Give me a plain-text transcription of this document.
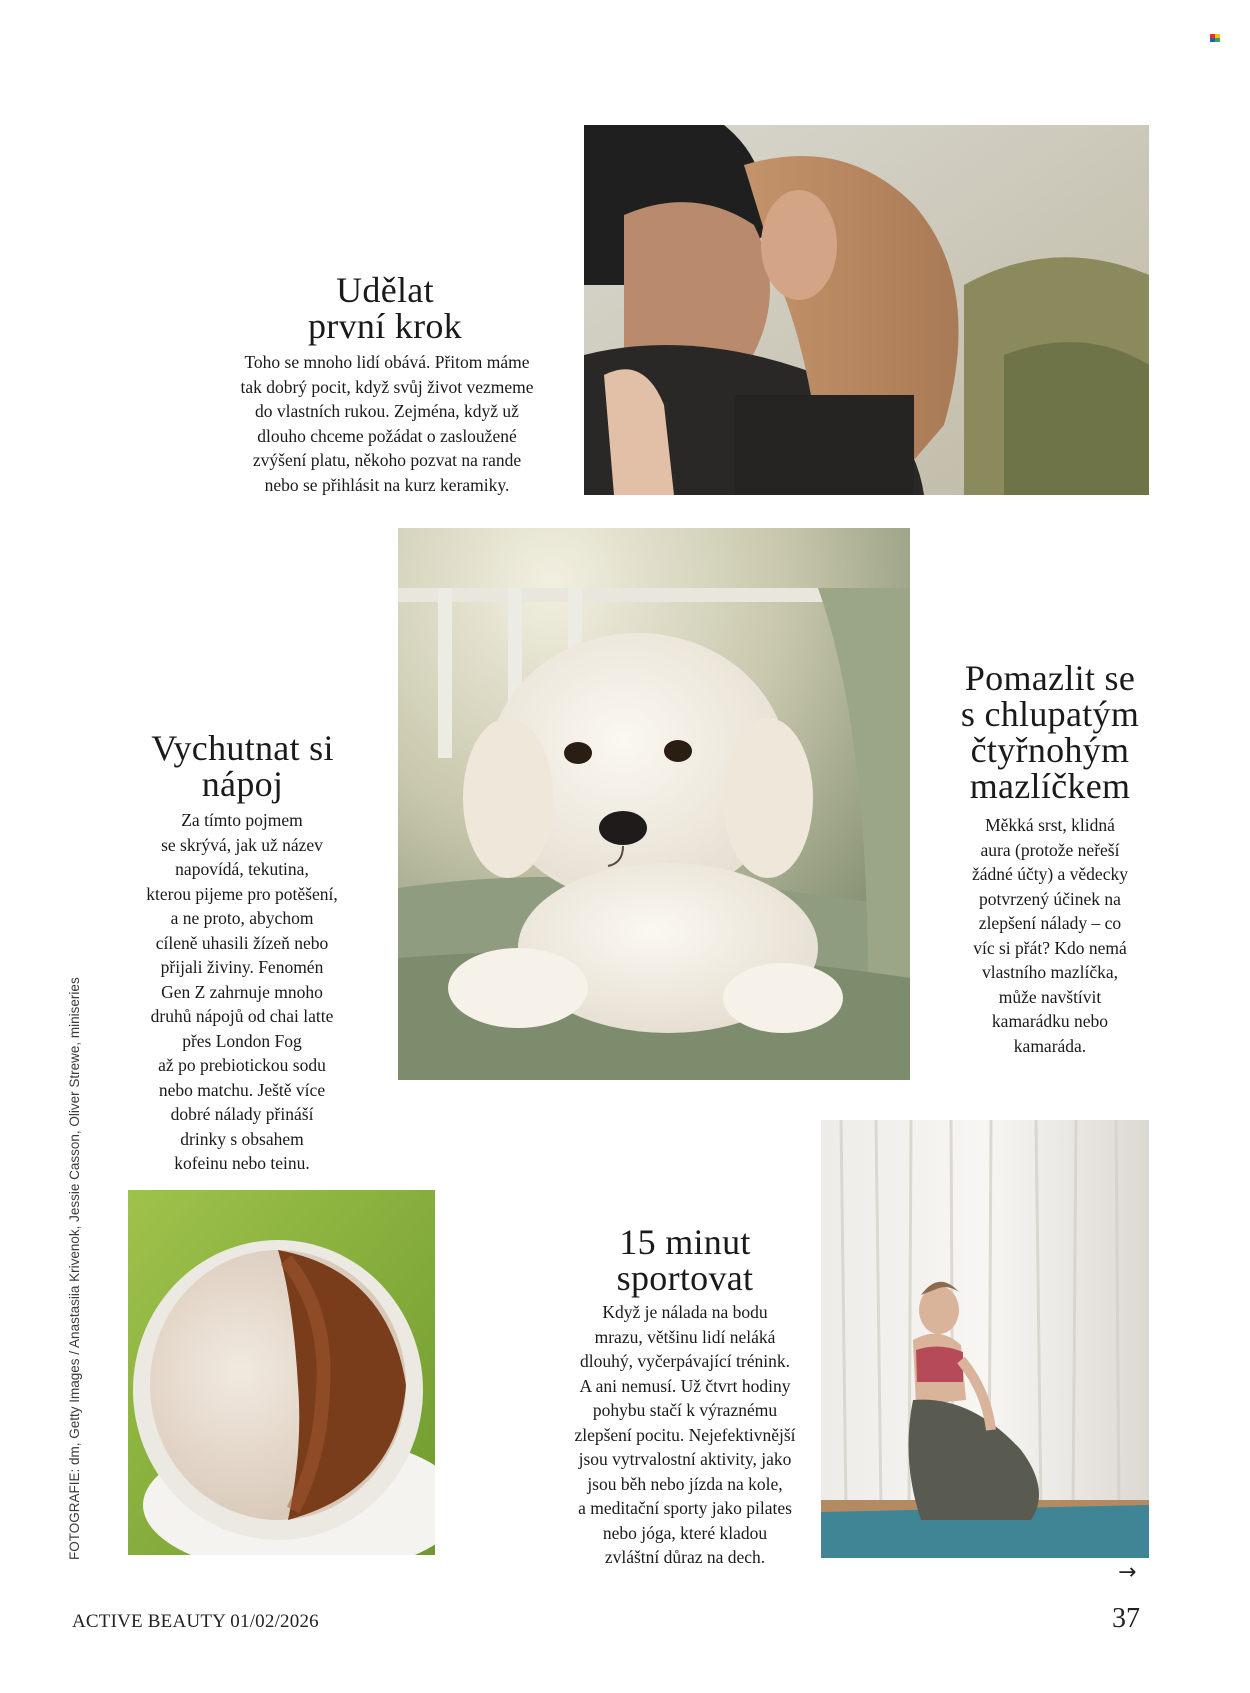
Udělat
první krok

Toho se mnoho lidí obává. Přitom máme
tak dobrý pocit, když svůj život vezmeme
do vlastních rukou. Zejména, když už
dlouho chceme požádat o zasloužené
zvýšení platu, někoho pozvat na rande
nebo se přihlásit na kurz keramiky.

Vychutnat si
nápoj

Za tímto pojmem
se skrývá, jak už název
napovídá, tekutina,
kterou pijeme pro potěšení,
a ne proto, abychom
cíleně uhasili žízeň nebo
přijali živiny. Fenomén
Gen Z zahrnuje mnoho
druhů nápojů od chai latte
přes London Fog
až po prebiotickou sodu
nebo matchu. Ještě více
dobré nálady přináší
drinky s obsahem
kofeinu nebo teinu.

Pomazlit se
s chlupatým
čtyřnohým
mazlíčkem

Měkká srst, klidná
aura (protože neřeší
žádné účty) a vědecky
potvrzený účinek na
zlepšení nálady – co
víc si přát? Kdo nemá
vlastního mazlíčka,
může navštívit
kamarádku nebo
kamaráda.

15 minut
sportovat

Když je nálada na bodu
mrazu, většinu lidí neláká
dlouhý, vyčerpávající trénink.
A ani nemusí. Už čtvrt hodiny
pohybu stačí k výraznému
zlepšení pocitu. Nejefektivnější
jsou vytrvalostní aktivity, jako
jsou běh nebo jízda na kole,
a meditační sporty jako pilates
nebo jóga, které kladou
zvláštní důraz na dech.

FOTOGRAFIE: dm, Getty Images / Anastasiia Krivenok, Jessie Casson, Oliver Strewe, miniseries
→
ACTIVE BEAUTY 01/02/2026	37
